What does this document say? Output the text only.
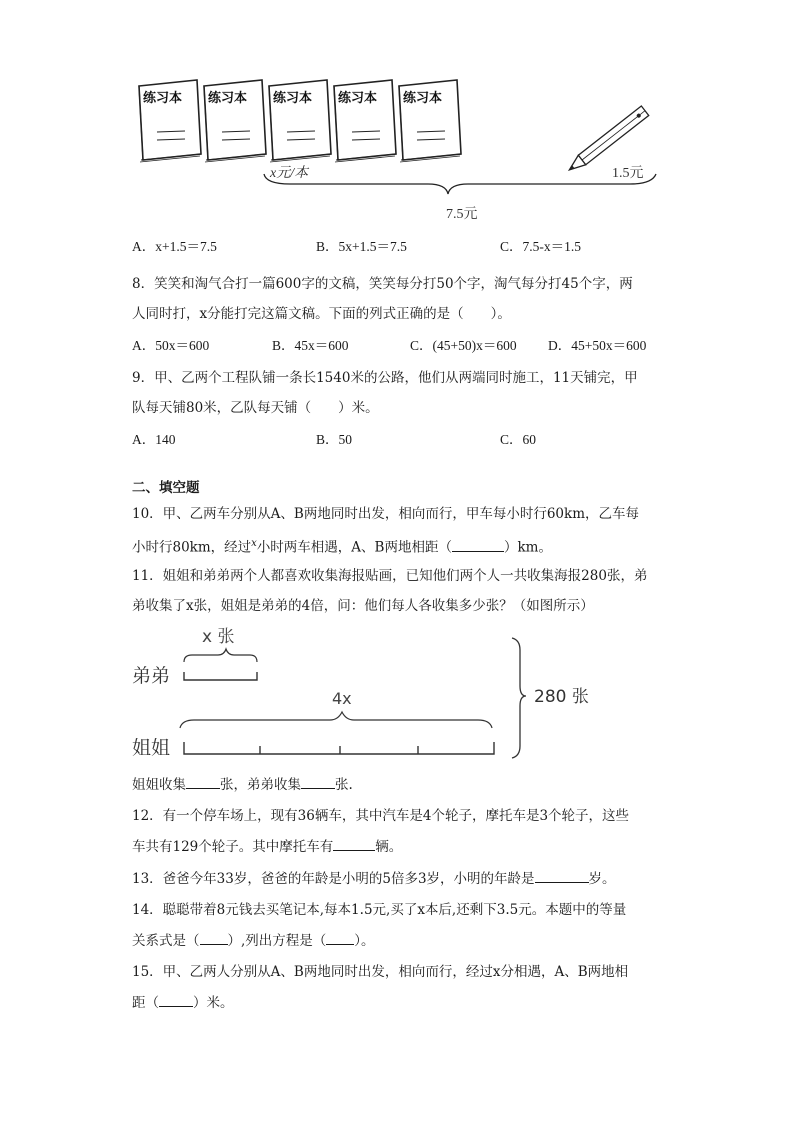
练习本 练习本 练习本 练习本 练习本
x元/本	1.5元
7.5元
A．x+1.5＝7.5	B．5x+1.5＝7.5	C．7.5-x＝1.5
8．笑笑和淘气合打一篇600字的文稿，笑笑每分打50个字，淘气每分打45个字，两
人同时打，x分能打完这篇文稿。下面的列式正确的是（　　）。
A．50x＝600	B．45x＝600	C．(45+50)x＝600 D．45+50x＝600
9．甲、乙两个工程队铺一条长1540米的公路，他们从两端同时施工，11天铺完，甲
队每天铺80米，乙队每天铺（　　）米。
A．140	B．50	C．60
二、填空题
10．甲、乙两车分别从A、B两地同时出发，相向而行，甲车每小时行60km，乙车每
小时行80km，经过$^x$小时两车相遇，A、B两地相距（	）km。
11．姐姐和弟弟两个人都喜欢收集海报贴画，已知他们两个人一共收集海报280张，弟
弟收集了x张，姐姐是弟弟的4倍，问：他们每人各收集多少张？（如图所示）
x 张
弟弟
4x
姐姐
280 张
姐姐收集	张，弟弟收集	张.
12．有一个停车场上，现有36辆车，其中汽车是4个轮子，摩托车是3个轮子，这些
车共有129个轮子。其中摩托车有	辆。
13．爸爸今年33岁，爸爸的年龄是小明的5倍多3岁，小明的年龄是	岁。
14．聪聪带着8元钱去买笔记本,每本1.5元,买了x本后,还剩下3.5元。本题中的等量
关系式是（ ）,列出方程是（ ）。
15．甲、乙两人分别从A、B两地同时出发，相向而行，经过x分相遇，A、B两地相
距（	）米。
